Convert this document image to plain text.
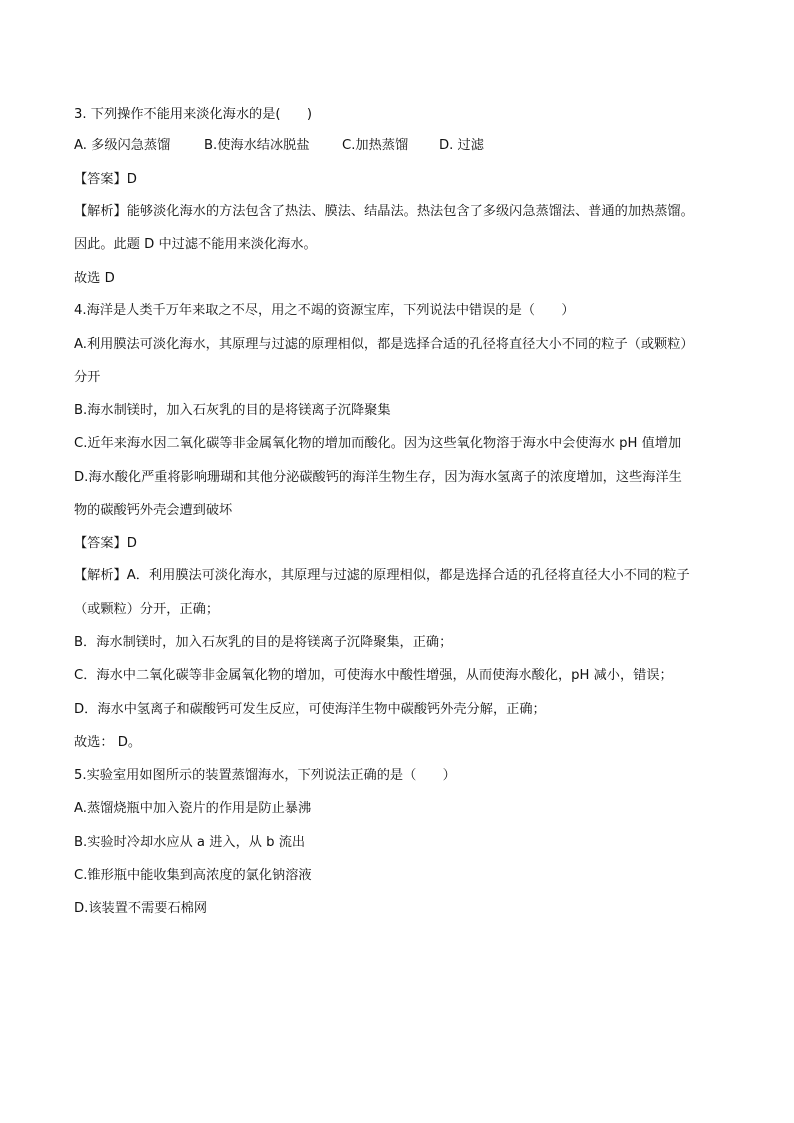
3. 下列操作不能用来淡化海水的是(　　)
A. 多级闪急蒸馏	B.使海水结冰脱盐 C.加热蒸馏 D. 过滤
【答案】D
【解析】能够淡化海水的方法包含了热法、膜法、结晶法。热法包含了多级闪急蒸馏法、普通的加热蒸馏。
因此。此题 D 中过滤不能用来淡化海水。
故选 D
4.海洋是人类千万年来取之不尽，用之不竭的资源宝库，下列说法中错误的是（　　）
A.利用膜法可淡化海水，其原理与过滤的原理相似，都是选择合适的孔径将直径大小不同的粒子（或颗粒）
分开
B.海水制镁时，加入石灰乳的目的是将镁离子沉降聚集
C.近年来海水因二氧化碳等非金属氧化物的增加而酸化。因为这些氧化物溶于海水中会使海水 pH 值增加
D.海水酸化严重将影响珊瑚和其他分泌碳酸钙的海洋生物生存，因为海水氢离子的浓度增加，这些海洋生
物的碳酸钙外壳会遭到破坏
【答案】D
【解析】A．利用膜法可淡化海水，其原理与过滤的原理相似，都是选择合适的孔径将直径大小不同的粒子
（或颗粒）分开，正确；
B．海水制镁时，加入石灰乳的目的是将镁离子沉降聚集，正确；
C．海水中二氧化碳等非金属氧化物的增加，可使海水中酸性增强，从而使海水酸化，pH 减小，错误；
D．海水中氢离子和碳酸钙可发生反应，可使海洋生物中碳酸钙外壳分解，正确；
故选： D。
5.实验室用如图所示的装置蒸馏海水，下列说法正确的是（　　）
A.蒸馏烧瓶中加入瓷片的作用是防止暴沸
B.实验时冷却水应从 a 进入，从 b 流出
C.锥形瓶中能收集到高浓度的氯化钠溶液
D.该装置不需要石棉网
